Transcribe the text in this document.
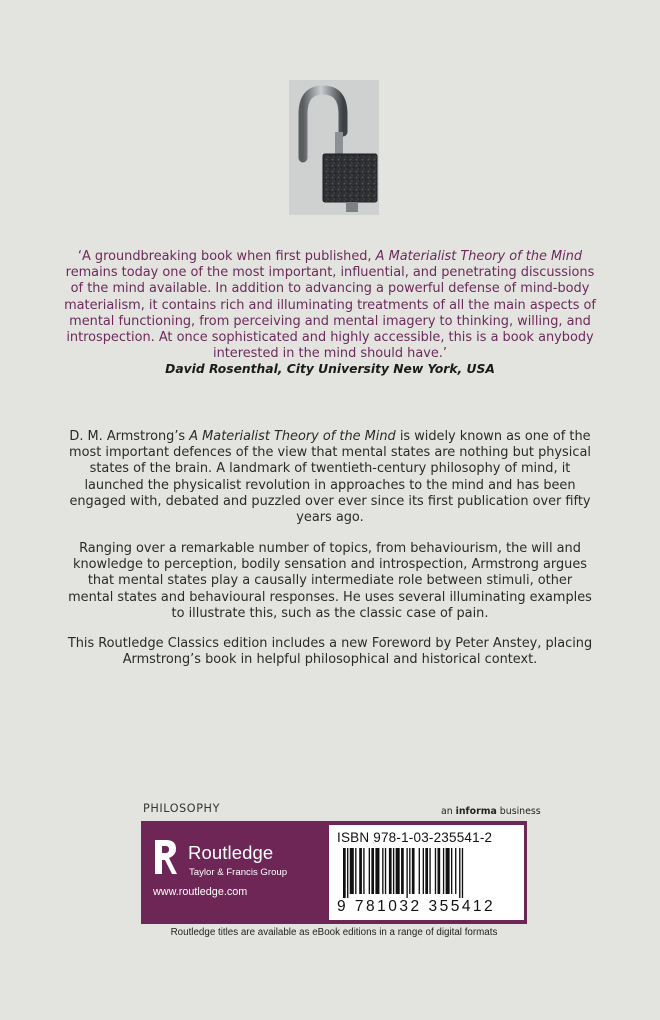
‘A groundbreaking book when first published, A Materialist Theory of the Mind remains today one of the most important, influential, and penetrating discussions of the mind available. In addition to advancing a powerful defense of mind-body materialism, it contains rich and illuminating treatments of all the main aspects of mental functioning, from perceiving and mental imagery to thinking, willing, and introspection. At once sophisticated and highly accessible, this is a book anybody interested in the mind should have.’
David Rosenthal, City University New York, USA
D. M. Armstrong’s A Materialist Theory of the Mind is widely known as one of the most important defences of the view that mental states are nothing but physical states of the brain. A landmark of twentieth-century philosophy of mind, it launched the physicalist revolution in approaches to the mind and has been engaged with, debated and puzzled over ever since its first publication over fifty years ago.
Ranging over a remarkable number of topics, from behaviourism, the will and knowledge to perception, bodily sensation and introspection, Armstrong argues that mental states play a causally intermediate role between stimuli, other mental states and behavioural responses. He uses several illuminating examples to illustrate this, such as the classic case of pain.
This Routledge Classics edition includes a new Foreword by Peter Anstey, placing Armstrong’s book in helpful philosophical and historical context.
PHILOSOPHY	an informa business
Routledge
Taylor & Francis Group
www.routledge.com
ISBN 978-1-03-235541-2
9 781032 355412
Routledge titles are available as eBook editions in a range of digital formats
